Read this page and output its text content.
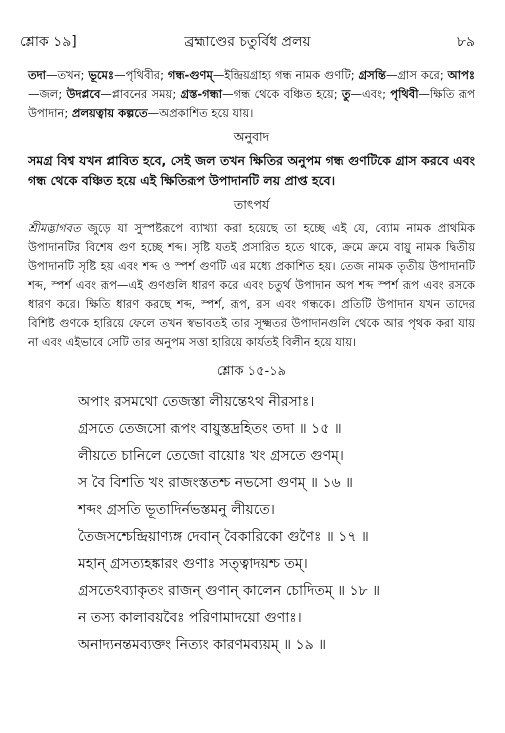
শ্লোক ১৯]	ব্রহ্মাণ্ডের চতুর্বিধ প্রলয়	৮৯

তদা—তখন; ভূমেঃ—পৃথিবীর; গন্ধ-গুণম্—ইন্দ্রিয়গ্রাহ্য গন্ধ নামক গুণটি; গ্রসন্তি—গ্রাস করে; আপঃ—জল; উদপ্লবে—প্লাবনের সময়; গ্রস্ত-গন্ধা—গন্ধ থেকে বঞ্চিত হয়ে; তু—এবং; পৃথিবী—ক্ষিতি রূপ উপাদান; প্রলয়ত্বায় কল্পতে—অপ্রকাশিত হয়ে যায়।

অনুবাদ

সমগ্র বিশ্ব যখন প্লাবিত হবে, সেই জল তখন ক্ষিতির অনুপম গন্ধ গুণটিকে গ্রাস করবে এবং গন্ধ থেকে বঞ্চিত হয়ে এই ক্ষিতিরূপ উপাদানটি লয় প্রাপ্ত হবে।

তাৎপর্য

শ্রীমদ্ভাগবত জুড়ে যা সুস্পষ্টরূপে ব্যাখ্যা করা হয়েছে তা হচ্ছে এই যে, ব্যোম নামক প্রাথমিক উপাদানটির বিশেষ গুণ হচ্ছে শব্দ। সৃষ্টি যতই প্রসারিত হতে থাকে, ক্রমে ক্রমে বায়ু নামক দ্বিতীয় উপাদানটি সৃষ্টি হয় এবং শব্দ ও স্পর্শ গুণটি এর মধ্যে প্রকাশিত হয়। তেজ নামক তৃতীয় উপাদানটি শব্দ, স্পর্শ এবং রূপ—এই গুণগুলি ধারণ করে এবং চতুর্থ উপাদান অপ শব্দ স্পর্শ রূপ এবং রসকে ধারণ করে। ক্ষিতি ধারণ করছে শব্দ, স্পর্শ, রূপ, রস এবং গন্ধকে। প্রতিটি উপাদান যখন তাদের বিশিষ্ট গুণকে হারিয়ে ফেলে তখন স্বভাবতই তার সূক্ষ্মতর উপাদানগুলি থেকে আর পৃথক করা যায় না এবং এইভাবে সেটি তার অনুপম সত্তা হারিয়ে কার্যতই বিলীন হয়ে যায়।

শ্লোক ১৫-১৯
অপাং রসমথো তেজস্তা লীয়ন্তেঽথ নীরসাঃ।
গ্রসতে তেজসো রূপং বায়ুস্তদ্রহিতং তদা ॥ ১৫ ॥
লীয়তে চানিলে তেজো বায়োঃ খং গ্রসতে গুণম্।
স বৈ বিশতি খং রাজংস্ততশ্চ নভসো গুণম্ ॥ ১৬ ॥
শব্দং গ্রসতি ভূতাদির্নভস্তমনু লীয়তে।
তৈজসশ্চেন্দ্রিয়াণ্যঙ্গ দেবান্ বৈকারিকো গুণৈঃ ॥ ১৭ ॥
মহান্ গ্রসত্যহঙ্কারং গুণাঃ সত্ত্বাদয়শ্চ তম্।
গ্রসতেঽব্যাকৃতং রাজন্ গুণান্ কালেন চোদিতম্ ॥ ১৮ ॥
ন তস্য কালাবয়বৈঃ পরিণামাদয়ো গুণাঃ।
অনাদ্যনন্তমব্যক্তং নিত্যং কারণমব্যয়ম্ ॥ ১৯ ॥
